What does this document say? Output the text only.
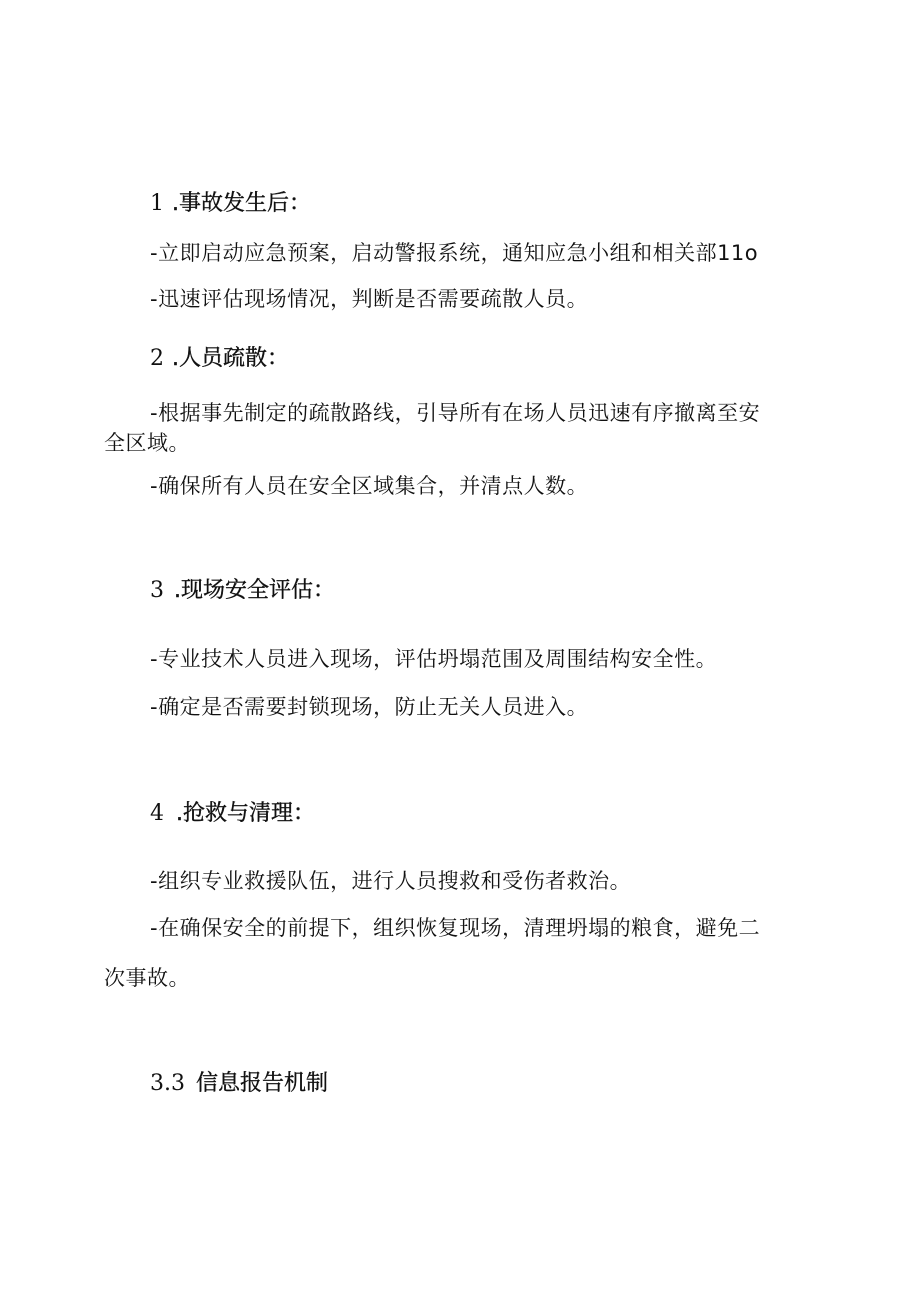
1 .事故发生后：
-立即启动应急预案，启动警报系统，通知应急小组和相关部11o
-迅速评估现场情况，判断是否需要疏散人员。
2 .人员疏散：
-根据事先制定的疏散路线，引导所有在场人员迅速有序撤离至安
全区域。
-确保所有人员在安全区域集合，并清点人数。
3 .现场安全评估：
-专业技术人员进入现场，评估坍塌范围及周围结构安全性。
-确定是否需要封锁现场，防止无关人员进入。
4 .抢救与清理：
-组织专业救援队伍，进行人员搜救和受伤者救治。
-在确保安全的前提下，组织恢复现场，清理坍塌的粮食，避免二
次事故。
3.3 信息报告机制
